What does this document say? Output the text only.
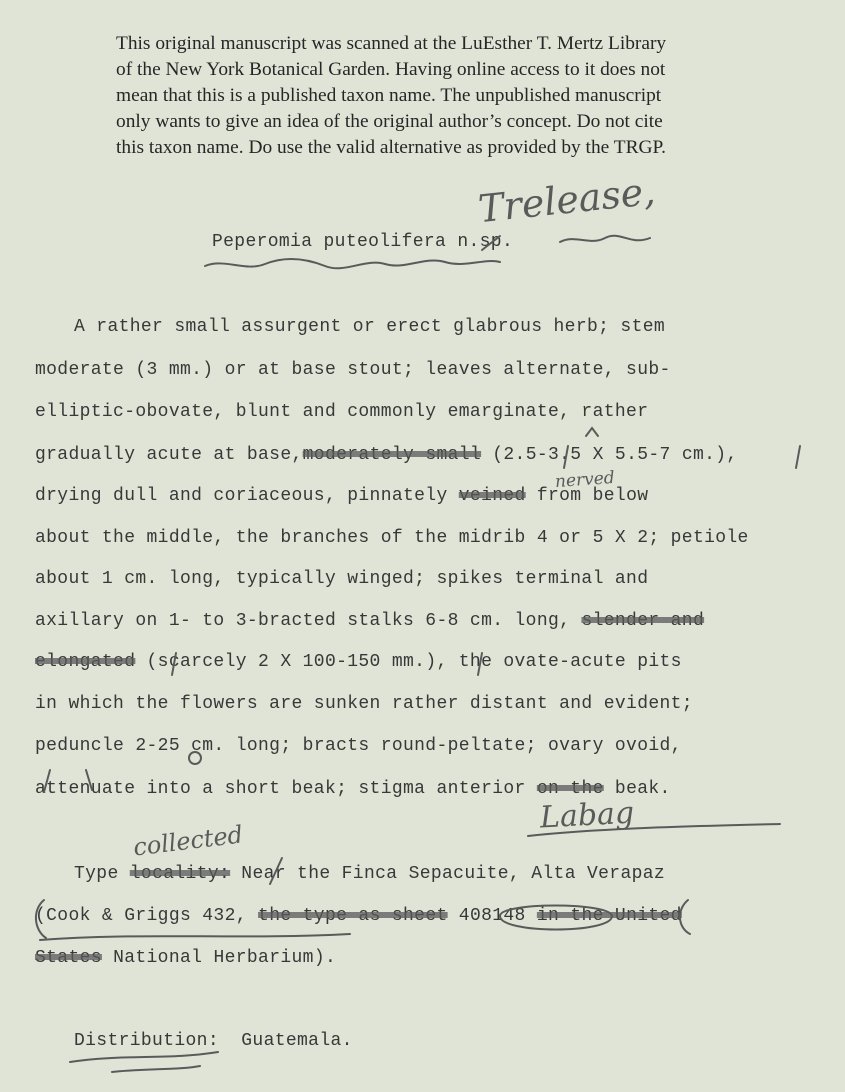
This original manuscript was scanned at the LuEsther T. Mertz Library

of the New York Botanical Garden. Having online access to it does not

mean that this is a published taxon name. The unpublished manuscript

only wants to give an idea of the original author’s concept. Do not cite

this taxon name. Do use the valid alternative as provided by the TRGP.

Trelease,
Peperomia puteolifera n.sp.
A rather small assurgent or erect glabrous herb; stem
moderate (3 mm.) or at base stout; leaves alternate, sub-
elliptic-obovate, blunt and commonly emarginate, rather
gradually acute at base,moderately small (2.5-3.5 X 5.5-7 cm.),
nerved
drying dull and coriaceous, pinnately veined from below
about the middle, the branches of the midrib 4 or 5 X 2; petiole
about 1 cm. long, typically winged; spikes terminal and
axillary on 1- to 3-bracted stalks 6-8 cm. long, slender and
elongated (scarcely 2 X 100-150 mm.), the ovate-acute pits
in which the flowers are sunken rather distant and evident;
peduncle 2-25 cm. long; bracts round-peltate; ovary ovoid,
attenuate into a short beak; stigma anterior on the beak.
Labag
collected
Type locality: Near the Finca Sepacuite, Alta Verapaz
(Cook & Griggs 432, the type as sheet 408148 in the United
States National Herbarium).
Distribution:  Guatemala.
